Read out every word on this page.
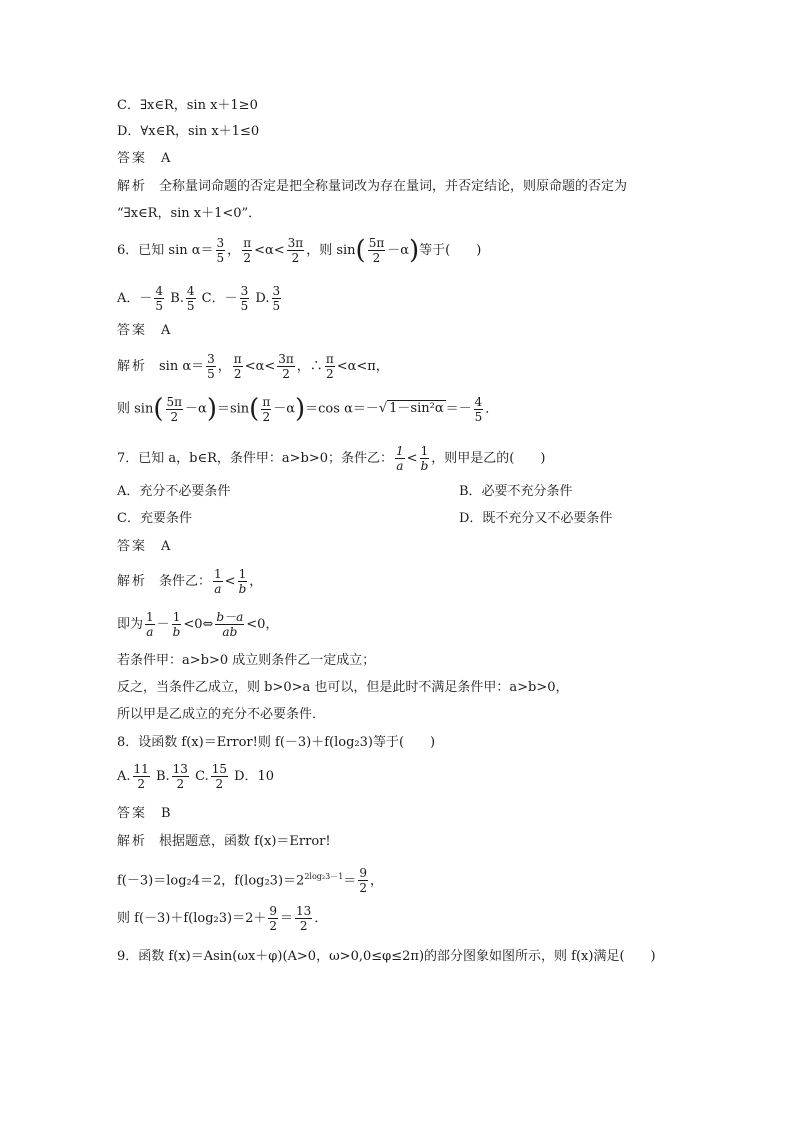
C．∃x∈R，sin x＋1≥0
D．∀x∈R，sin x＋1≤0
答案 A
解析 全称量词命题的否定是把全称量词改为存在量词，并否定结论，则原命题的否定为
“∃x∈R，sin x＋1<0”．
6．已知 $\sin \alpha= \frac{3}{5}$ ， $\frac{\pi}{2} <\alpha< \frac{3\pi}{2}$ ，则 $\sin( \frac{5\pi}{2} -\alpha)$等于(　　)
A．－ $\frac{4}{5} B$. $\frac{4}{5}$ C．－ $\frac{3}{5} D$. $\frac{3}{5}$
答案 A
解析 $\sin \alpha= \frac{3}{5}$ ， $\frac{\pi}{2} <\alpha< \frac{3\pi}{2}$ ，∴ $\frac{\pi}{2} <\alpha<\pi$，
则 $\sin( \frac{5\pi}{2} -\alpha)=\sin( \frac{\pi}{2} -\alpha)=\cos$ α＝－√ $1-\sin^2\alpha =- \frac{4}{5}$ ．
7．已知 a，b∈R，条件甲：a>b>0；条件乙： $\frac{1}{a} < \frac{1}{b}$ ，则甲是乙的(　　)
A．充分不必要条件	B．必要不充分条件
C．充要条件	D．既不充分又不必要条件
答案 A
解析 条件乙： $\frac{1}{a} < \frac{1}{b}$ ，
即为 $\frac{1}{a} - \frac{1}{b}$ <0⇔ $\frac{b-a}{ab} <0$，
若条件甲：a>b>0 成立则条件乙一定成立；
反之，当条件乙成立，则 b>0>a 也可以，但是此时不满足条件甲：a>b>0，
所以甲是乙成立的充分不必要条件．
8．设函数 f(x)＝Error!则 f(－3)＋f(log₂3)等于(　　)
A. $\frac{11}{2} B$. $\frac{13}{2} C$. $\frac{15}{2}$ D．10
答案 B
解析 根据题意，函数 f(x)＝Error!
f(－3)＝log₂4＝2，$f(\log_23)=2^{2log_23-1}= \frac{9}{2}$ ，
则 $f(-3)+f(\log_23)=2+ \frac{9}{2} = \frac{13}{2}$ ．
9．函数 f(x)＝Asin(ωx＋φ)(A>0，ω>0,0≤φ≤2π)的部分图象如图所示，则 f(x)满足(　　)
